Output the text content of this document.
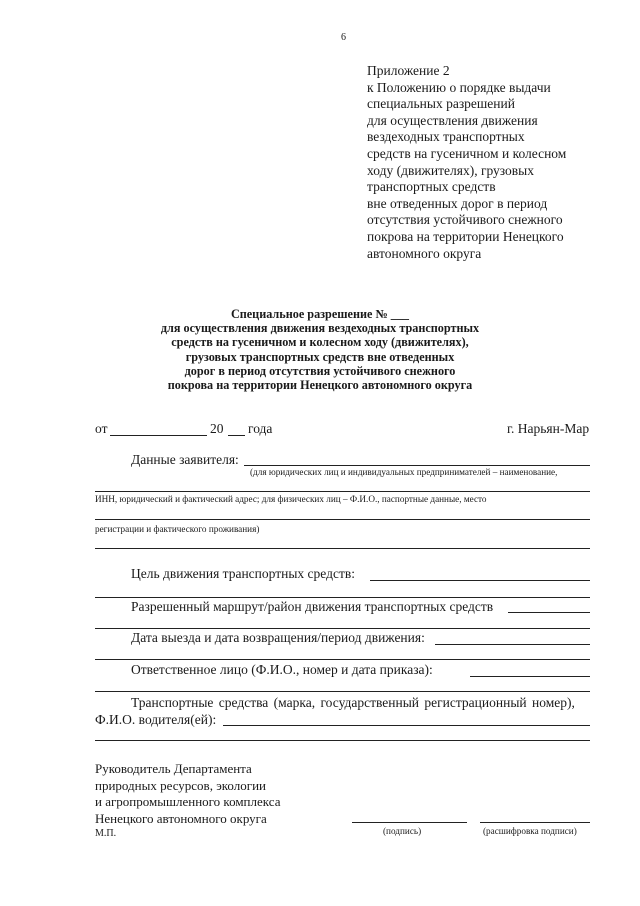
6
Приложение 2
к Положению о порядке выдачи
специальных разрешений
для осуществления движения
вездеходных транспортных
средств на гусеничном и колесном
ходу (движителях), грузовых
транспортных средств
вне отведенных дорог в период
отсутствия устойчивого снежного
покрова на территории Ненецкого
автономного округа
Специальное разрешение № ___
для осуществления движения вездеходных транспортных
средств на гусеничном и колесном ходу (движителях),
грузовых транспортных средств вне отведенных
дорог в период отсутствия устойчивого снежного
покрова на территории Ненецкого автономного округа
от	20 года	г. Нарьян-Мар
Данные заявителя:
(для юридических лиц и индивидуальных предпринимателей – наименование,
ИНН, юридический и фактический адрес; для физических лиц – Ф.И.О., паспортные данные, место
регистрации и фактического проживания)
Цель движения транспортных средств:
Разрешенный маршрут/район движения транспортных средств
Дата выезда и дата возвращения/период движения:
Ответственное лицо (Ф.И.О., номер и дата приказа):
Транспортные средства (марка, государственный регистрационный номер),
Ф.И.О. водителя(ей):
Руководитель Департамента
природных ресурсов, экологии
и агропромышленного комплекса
Ненецкого автономного округа
М.П.	(подпись)	(расшифровка подписи)
